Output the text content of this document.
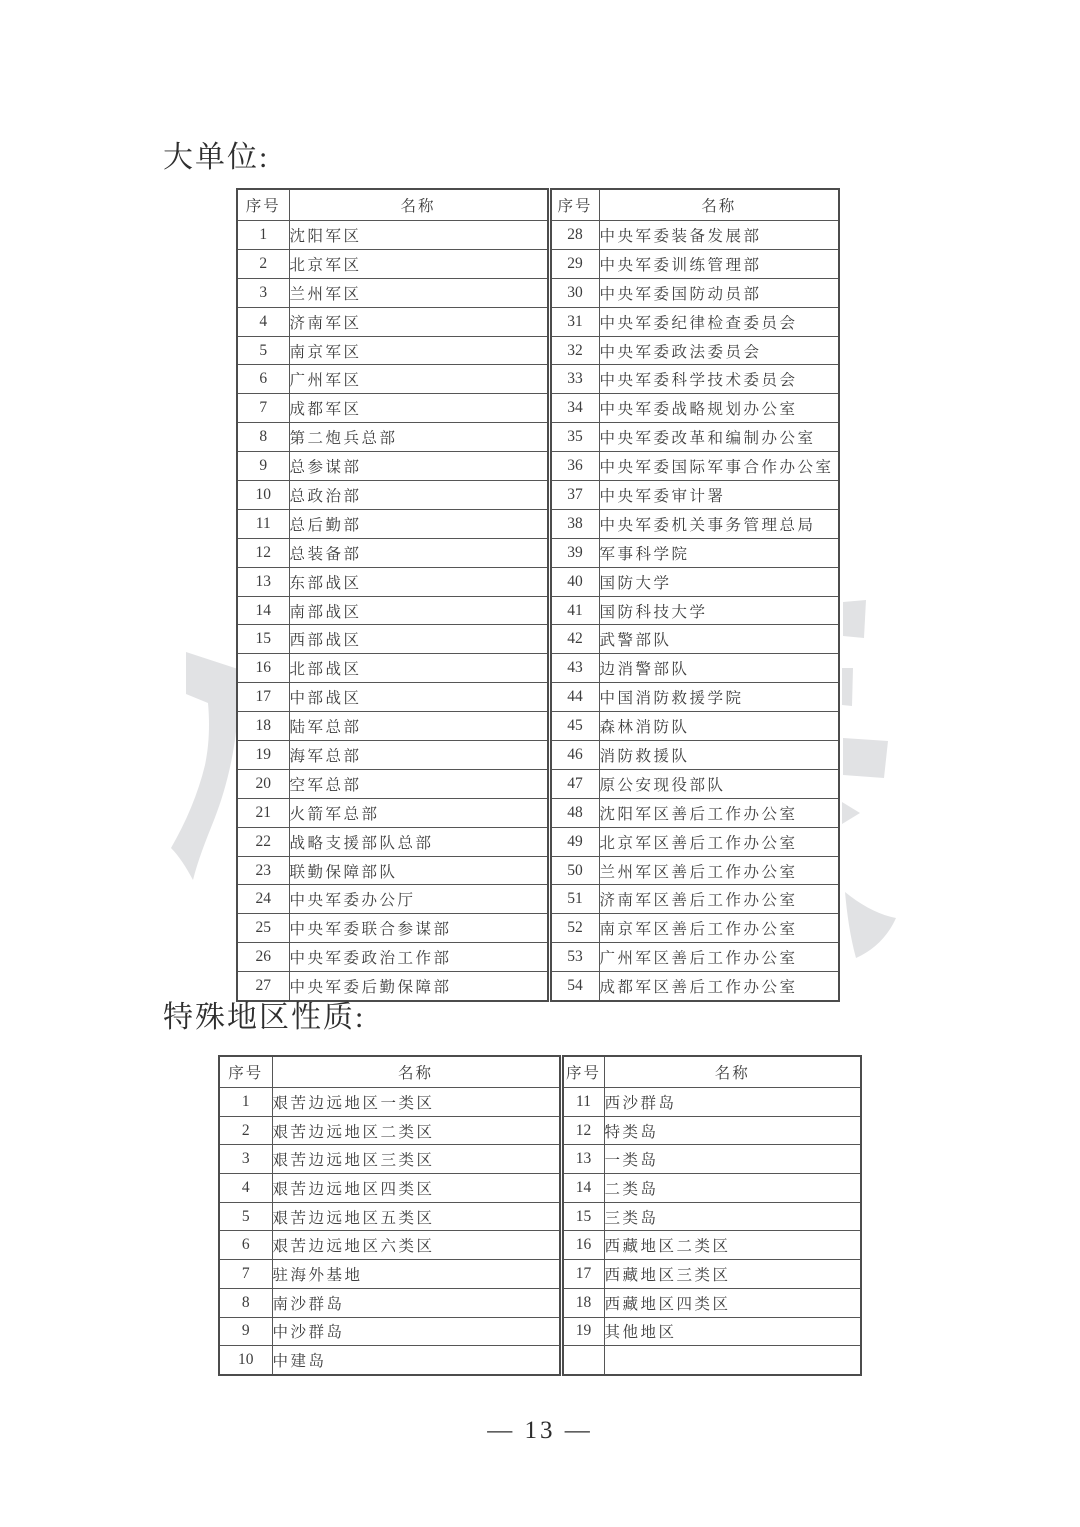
大单位:
序号	名称	序号	名称
1	沈阳军区	28	中央军委装备发展部
2	北京军区	29	中央军委训练管理部
3	兰州军区	30	中央军委国防动员部
4	济南军区	31	中央军委纪律检查委员会
5	南京军区	32	中央军委政法委员会
6	广州军区	33	中央军委科学技术委员会
7	成都军区	34	中央军委战略规划办公室
8	第二炮兵总部	35	中央军委改革和编制办公室
9	总参谋部	36	中央军委国际军事合作办公室
10	总政治部	37	中央军委审计署
11	总后勤部	38	中央军委机关事务管理总局
12	总装备部	39	军事科学院
13	东部战区	40	国防大学
14	南部战区	41	国防科技大学
15	西部战区	42	武警部队
16	北部战区	43	边消警部队
17	中部战区	44	中国消防救援学院
18	陆军总部	45	森林消防队
19	海军总部	46	消防救援队
20	空军总部	47	原公安现役部队
21	火箭军总部	48	沈阳军区善后工作办公室
22	战略支援部队总部	49	北京军区善后工作办公室
23	联勤保障部队	50	兰州军区善后工作办公室
24	中央军委办公厅	51	济南军区善后工作办公室
25	中央军委联合参谋部	52	南京军区善后工作办公室
26	中央军委政治工作部	53	广州军区善后工作办公室
27	中央军委后勤保障部	54	成都军区善后工作办公室
特殊地区性质:
序号	名称	序号	名称
1	艰苦边远地区一类区	11	西沙群岛
2	艰苦边远地区二类区	12	特类岛
3	艰苦边远地区三类区	13	一类岛
4	艰苦边远地区四类区	14	二类岛
5	艰苦边远地区五类区	15	三类岛
6	艰苦边远地区六类区	16	西藏地区二类区
7	驻海外基地	17	西藏地区三类区
8	南沙群岛	18	西藏地区四类区
9	中沙群岛	19	其他地区
10	中建岛		
— 13 —
